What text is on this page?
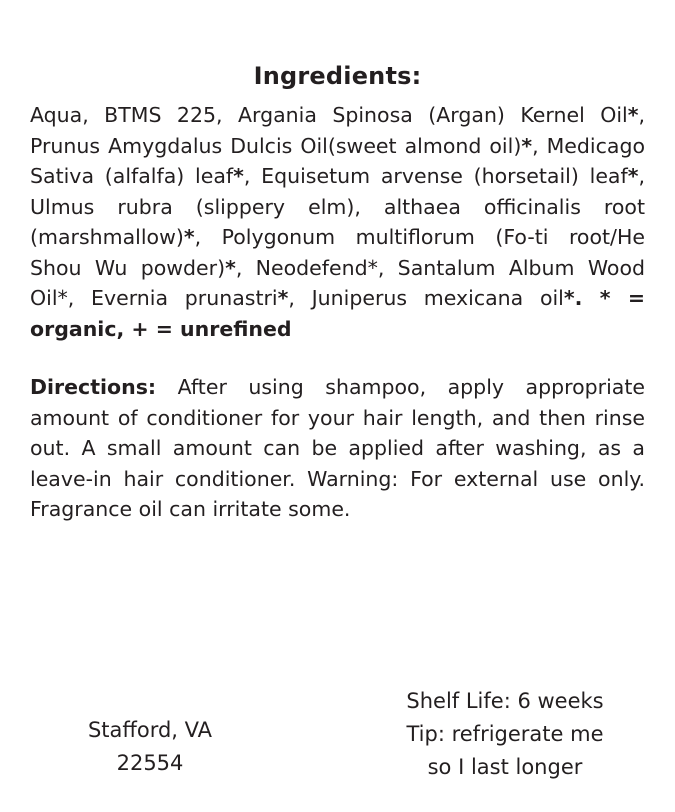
Ingredients:

Aqua, BTMS 225, Argania Spinosa (Argan) Kernel Oil*, Prunus Amygdalus Dulcis Oil(sweet almond oil)*, Medicago Sativa (alfalfa) leaf*, Equisetum arvense (horsetail) leaf*, Ulmus rubra (slippery elm), althaea officinalis root (marshmallow)*, Polygonum multiflorum (Fo-ti root/He Shou Wu powder)*, Neodefend*, Santalum Album Wood Oil*, Evernia prunastri*, Juniperus mexicana oil*. * = organic, + = unrefined

Directions: After using shampoo, apply appropriate amount of conditioner for your hair length, and then rinse out. A small amount can be applied after washing, as a leave-in hair conditioner. Warning: For external use only. Fragrance oil can irritate some.

Stafford, VA
22554
Shelf Life: 6 weeks
Tip: refrigerate me
so I last longer
